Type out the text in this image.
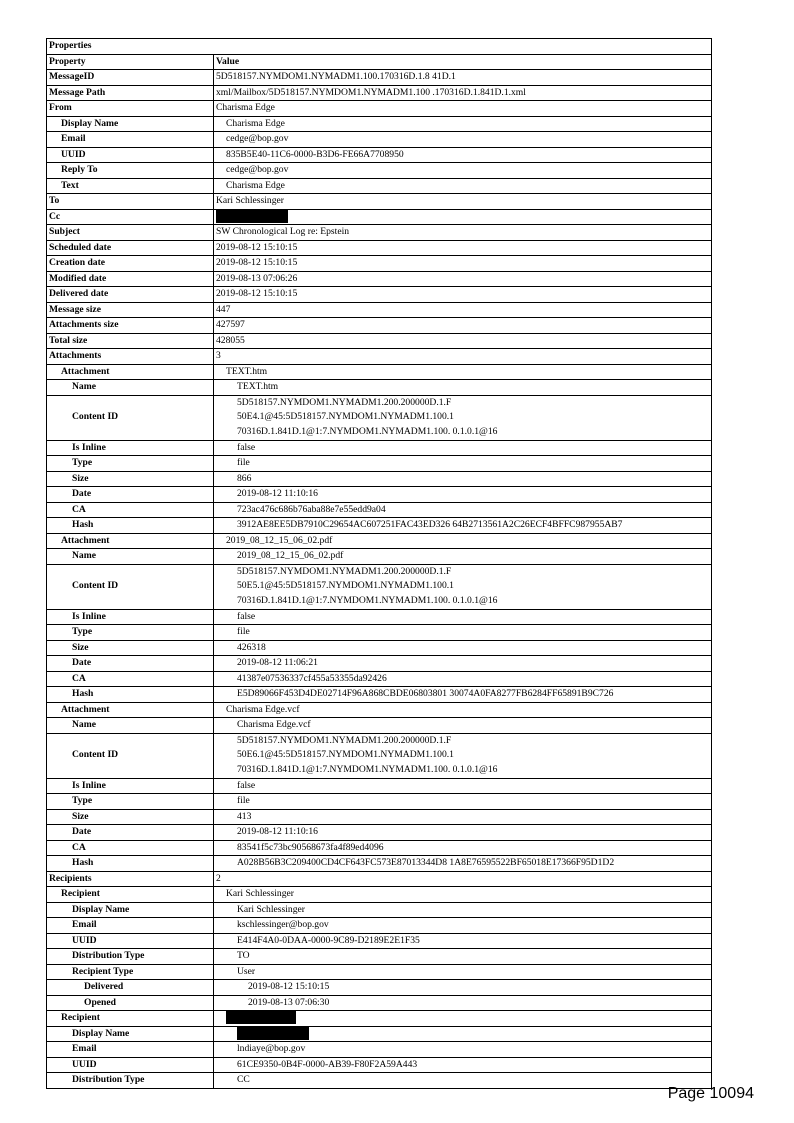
Properties	
Property	Value
MessageID	5D518157.NYMDOM1.NYMADM1.100.170316D.1.8 41D.1
Message Path	xml/Mailbox/5D518157.NYMDOM1.NYMADM1.100 .170316D.1.841D.1.xml
From	Charisma Edge
Display Name	Charisma Edge
Email	cedge@bop.gov
UUID	835B5E40-11C6-0000-B3D6-FE66A7708950
Reply To	cedge@bop.gov
Text	Charisma Edge
To	Kari Schlessinger
Cc	
Subject	SW Chronological Log re: Epstein
Scheduled date	2019-08-12 15:10:15
Creation date	2019-08-12 15:10:15
Modified date	2019-08-13 07:06:26
Delivered date	2019-08-12 15:10:15
Message size	447
Attachments size	427597
Total size	428055
Attachments	3
Attachment	TEXT.htm
Name	TEXT.htm
Content ID	5D518157.NYMDOM1.NYMADM1.200.200000D.1.F
50E4.1@45:5D518157.NYMDOM1.NYMADM1.100.1
70316D.1.841D.1@1:7.NYMDOM1.NYMADM1.100. 0.1.0.1@16

Is Inline	false
Type	file
Size	866
Date	2019-08-12 11:10:16
CA	723ac476c686b76aba88e7e55edd9a04
Hash	3912AE8EE5DB7910C29654AC607251FAC43ED326 64B2713561A2C26ECF4BFFC987955AB7
Attachment	2019_08_12_15_06_02.pdf
Name	2019_08_12_15_06_02.pdf
Content ID	5D518157.NYMDOM1.NYMADM1.200.200000D.1.F
50E5.1@45:5D518157.NYMDOM1.NYMADM1.100.1
70316D.1.841D.1@1:7.NYMDOM1.NYMADM1.100. 0.1.0.1@16

Is Inline	false
Type	file
Size	426318
Date	2019-08-12 11:06:21
CA	41387e07536337cf455a53355da92426
Hash	E5D89066F453D4DE02714F96A868CBDE06803801 30074A0FA8277FB6284FF65891B9C726
Attachment	Charisma Edge.vcf
Name	Charisma Edge.vcf
Content ID	5D518157.NYMDOM1.NYMADM1.200.200000D.1.F
50E6.1@45:5D518157.NYMDOM1.NYMADM1.100.1
70316D.1.841D.1@1:7.NYMDOM1.NYMADM1.100. 0.1.0.1@16

Is Inline	false
Type	file
Size	413
Date	2019-08-12 11:10:16
CA	83541f5c73bc90568673fa4f89ed4096
Hash	A028B56B3C209400CD4CF643FC573E87013344D8 1A8E76595522BF65018E17366F95D1D2
Recipients	2
Recipient	Kari Schlessinger
Display Name	Kari Schlessinger
Email	kschlessinger@bop.gov
UUID	E414F4A0-0DAA-0000-9C89-D2189E2E1F35
Distribution Type	TO
Recipient Type	User
Delivered	2019-08-12 15:10:15
Opened	2019-08-13 07:06:30
Recipient	
Display Name	
Email	lndiaye@bop.gov
UUID	61CE9350-0B4F-0000-AB39-F80F2A59A443
Distribution Type	CC
Page 10094
